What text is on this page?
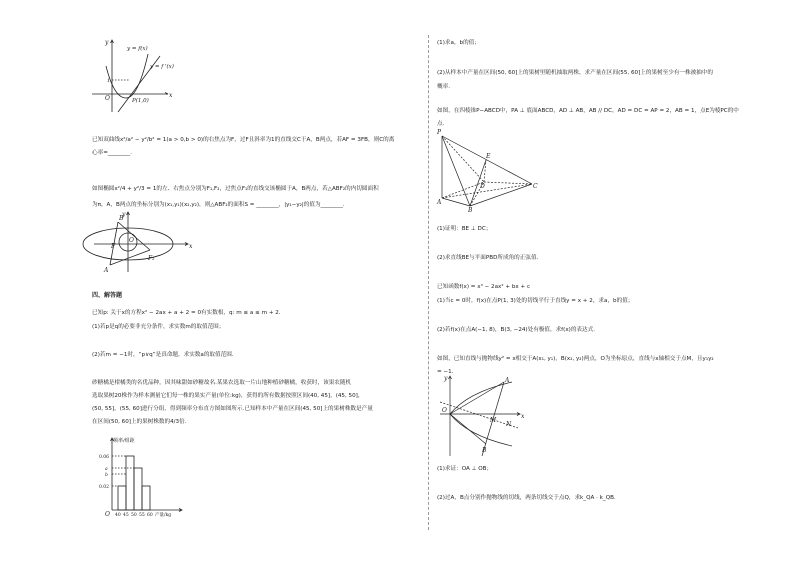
y
x
O
y = f(x)
y = f '(x)
P(1,0)
1
已知双曲线x²/a² − y²/b² = 1(a > 0,b > 0)的右焦点为F，过F且斜率为1的直线交C于A，B两点，若AF = 3FB，则C的离
心率=________.
如图椭圆x²/4 + y²/3 = 1的左、右焦点分别为F₁,F₂，过焦点F₁的直线交该椭圆于A，B两点，若△ABF₂的内切圆面积
为π，A，B两点的坐标分别为(x₁,y₁)(x₂,y₂)，则△ABF₂的面积S = ________，|y₁−y₂|的值为________.
y
x
O
B
F
F₂
A
四、解答题
已知p: 关于x的方程x² − 2ax + a + 2 = 0有实数根，q: m ≤ a ≤ m + 2.
(1)若p是q的必要非充分条件，求实数m的取值范围；
(2)若m = −1时，“p∨q”是真命题，求实数a的取值范围.
砂糖橘是柑橘类的名优品种，因其味甜如砂糖故名.某果农选取一片山地种植砂糖橘，收获时，该果农随机
选取果树20株作为样本测量它们每一株的果实产量(单位:kg)，获得的所有数据按照区间(40, 45]，(45, 50]，
(50, 55]，(55, 60]进行分组，得到频率分布直方图如图所示.已知样本中产量在区间(45, 50]上的果树株数是产量
在区间(50, 60]上的果树株数的4/3倍.
频率/组距
0.06
a
b
0.02
40 45 50 55 60 产量/kg
O
(1)求a，b的值；
(2)从样本中产量在区间(50, 60]上的果树里随机抽取两株，求产量在区间(55, 60]上的果树至少有一株被抽中的
概率.
如图，在四棱锥P−ABCD中，PA ⊥ 底面ABCD，AD ⊥ AB，AB // DC，AD = DC = AP = 2，AB = 1，点E为棱PC的中
点.
P
E
D	C
A
B
(1)证明：BE ⊥ DC；
(2)求直线BE与平面PBD所成角的正弦值.
已知函数f(x) = x³ − 2ax² + bx + c
(1)当c = 0时，f(x)在点P(1, 3)处的切线平行于直线y = x + 2，求a，b的值；
(2)若f(x)在点A(−1, 8)，B(3, −24)处有极值，求f(x)的表达式.
如图，已知直线与抛物线y² = x相交于A(x₁, y₁)，B(x₂, y₂)两点，O为坐标原点，直线与x轴相交于点M，且y₁y₂
= −1.
y
x
O
A
B
M
N
(1)求证：OA ⊥ OB；
(2)过A，B点分别作抛物线的切线，两条切线交于点Q，求k_QA · k_QB.
